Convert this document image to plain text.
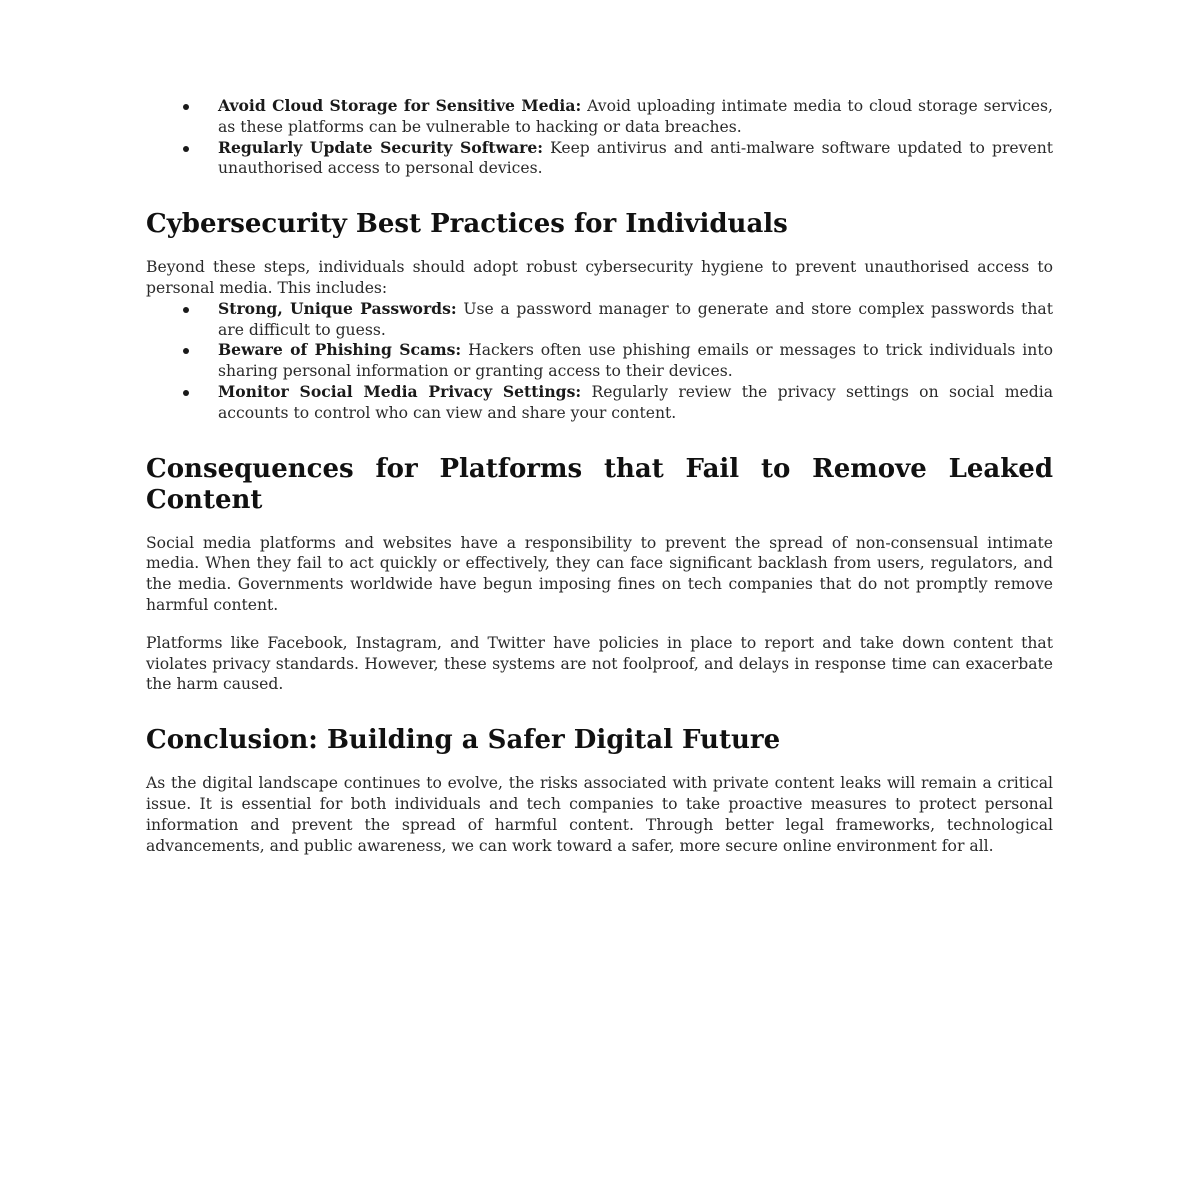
Avoid Cloud Storage for Sensitive Media: Avoid uploading intimate media to cloud storage services, as these platforms can be vulnerable to hacking or data breaches.
Regularly Update Security Software: Keep antivirus and anti-malware software updated to prevent unauthorised access to personal devices.
Cybersecurity Best Practices for Individuals

Beyond these steps, individuals should adopt robust cybersecurity hygiene to prevent unauthorised access to personal media. This includes:

Strong, Unique Passwords: Use a password manager to generate and store complex passwords that are difficult to guess.
Beware of Phishing Scams: Hackers often use phishing emails or messages to trick individuals into sharing personal information or granting access to their devices.
Monitor Social Media Privacy Settings: Regularly review the privacy settings on social media accounts to control who can view and share your content.
Consequences for Platforms that Fail to Remove Leaked Content

Social media platforms and websites have a responsibility to prevent the spread of non-consensual intimate media. When they fail to act quickly or effectively, they can face significant backlash from users, regulators, and the media. Governments worldwide have begun imposing fines on tech companies that do not promptly remove harmful content.

Platforms like Facebook, Instagram, and Twitter have policies in place to report and take down content that violates privacy standards. However, these systems are not foolproof, and delays in response time can exacerbate the harm caused.

Conclusion: Building a Safer Digital Future

As the digital landscape continues to evolve, the risks associated with private content leaks will remain a critical issue. It is essential for both individuals and tech companies to take proactive measures to protect personal information and prevent the spread of harmful content. Through better legal frameworks, technological advancements, and public awareness, we can work toward a safer, more secure online environment for all.
